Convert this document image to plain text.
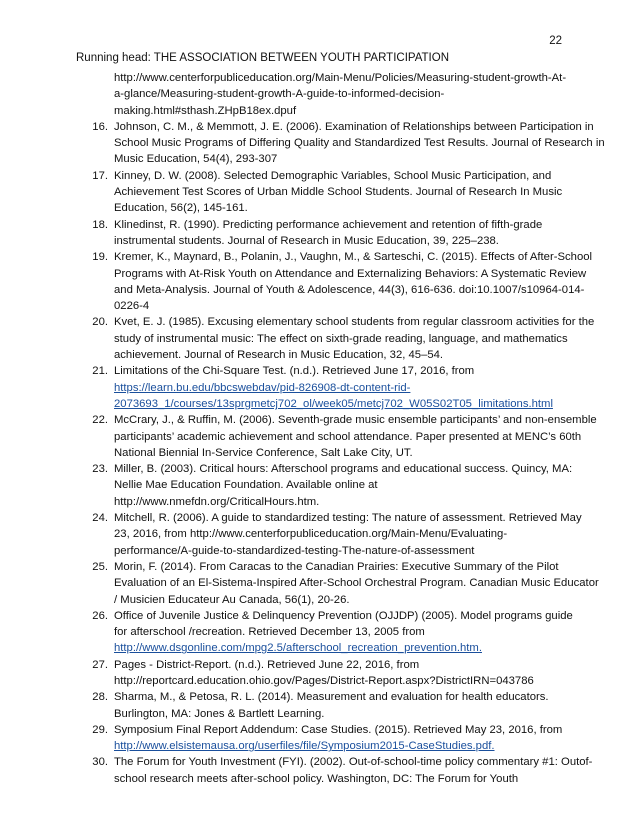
22
Running head: THE ASSOCIATION BETWEEN YOUTH PARTICIPATION
http://www.centerforpubliceducation.org/Main-Menu/Policies/Measuring-student-growth-At-
a-glance/Measuring-student-growth-A-guide-to-informed-decision-
making.html#sthash.ZHpB18ex.dpuf
16. Johnson, C. M., & Memmott, J. E. (2006). Examination of Relationships between Participation in
School Music Programs of Differing Quality and Standardized Test Results. Journal of Research in
Music Education, 54(4), 293-307
17. Kinney, D. W. (2008). Selected Demographic Variables, School Music Participation, and
Achievement Test Scores of Urban Middle School Students. Journal of Research In Music
Education, 56(2), 145-161.
18. Klinedinst, R. (1990). Predicting performance achievement and retention of fifth-grade
instrumental students. Journal of Research in Music Education, 39, 225–238.
19. Kremer, K., Maynard, B., Polanin, J., Vaughn, M., & Sarteschi, C. (2015). Effects of After-School
Programs with At-Risk Youth on Attendance and Externalizing Behaviors: A Systematic Review
and Meta-Analysis. Journal of Youth & Adolescence, 44(3), 616-636. doi:10.1007/s10964-014-
0226-4
20. Kvet, E. J. (1985). Excusing elementary school students from regular classroom activities for the
study of instrumental music: The effect on sixth-grade reading, language, and mathematics
achievement. Journal of Research in Music Education, 32, 45–54.
21. Limitations of the Chi-Square Test. (n.d.). Retrieved June 17, 2016, from
https://learn.bu.edu/bbcswebdav/pid-826908-dt-content-rid-
2073693_1/courses/13sprgmetcj702_ol/week05/metcj702_W05S02T05_limitations.html
22. McCrary, J., & Ruffin, M. (2006). Seventh-grade music ensemble participants’ and non-ensemble
participants’ academic achievement and school attendance. Paper presented at MENC’s 60th
National Biennial In-Service Conference, Salt Lake City, UT.
23. Miller, B. (2003). Critical hours: Afterschool programs and educational success. Quincy, MA:
Nellie Mae Education Foundation. Available online at
http://www.nmefdn.org/CriticalHours.htm.
24. Mitchell, R. (2006). A guide to standardized testing: The nature of assessment. Retrieved May
23, 2016, from http://www.centerforpubliceducation.org/Main-Menu/Evaluating-
performance/A-guide-to-standardized-testing-The-nature-of-assessment
25. Morin, F. (2014). From Caracas to the Canadian Prairies: Executive Summary of the Pilot
Evaluation of an El-Sistema-Inspired After-School Orchestral Program. Canadian Music Educator
/ Musicien Educateur Au Canada, 56(1), 20-26.
26. Office of Juvenile Justice & Delinquency Prevention (OJJDP) (2005). Model programs guide
for afterschool /recreation. Retrieved December 13, 2005 from
http://www.dsgonline.com/mpg2.5/afterschool_recreation_prevention.htm.
27. Pages - District-Report. (n.d.). Retrieved June 22, 2016, from
http://reportcard.education.ohio.gov/Pages/District-Report.aspx?DistrictIRN=043786
28. Sharma, M., & Petosa, R. L. (2014). Measurement and evaluation for health educators.
Burlington, MA: Jones & Bartlett Learning.
29. Symposium Final Report Addendum: Case Studies. (2015). Retrieved May 23, 2016, from
http://www.elsistemausa.org/userfiles/file/Symposium2015-CaseStudies.pdf.
30. The Forum for Youth Investment (FYI). (2002). Out-of-school-time policy commentary #1: Outof-
school research meets after-school policy. Washington, DC: The Forum for Youth
